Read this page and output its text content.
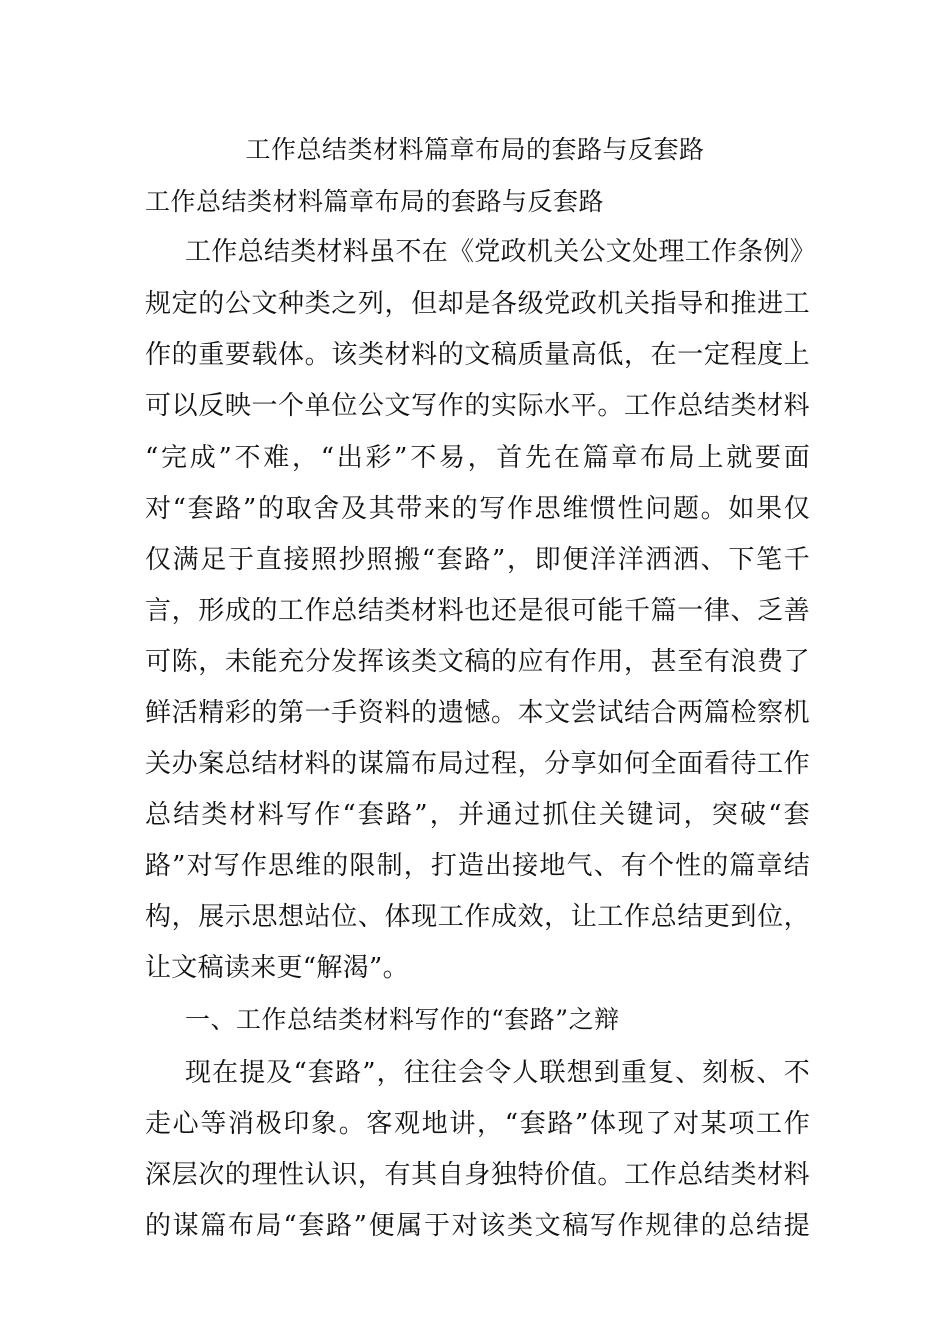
工作总结类材料篇章布局的套路与反套路
工作总结类材料篇章布局的套路与反套路
工作总结类材料虽不在《党政机关公文处理工作条例》
规定的公文种类之列，但却是各级党政机关指导和推进工
作的重要载体。该类材料的文稿质量高低，在一定程度上
可以反映一个单位公文写作的实际水平。工作总结类材料
“完成”不难，“出彩”不易，首先在篇章布局上就要面
对“套路”的取舍及其带来的写作思维惯性问题。如果仅
仅满足于直接照抄照搬“套路”，即便洋洋洒洒、下笔千
言，形成的工作总结类材料也还是很可能千篇一律、乏善
可陈，未能充分发挥该类文稿的应有作用，甚至有浪费了
鲜活精彩的第一手资料的遗憾。本文尝试结合两篇检察机
关办案总结材料的谋篇布局过程，分享如何全面看待工作
总结类材料写作“套路”，并通过抓住关键词，突破“套
路”对写作思维的限制，打造出接地气、有个性的篇章结
构，展示思想站位、体现工作成效，让工作总结更到位，
让文稿读来更“解渴”。
一、工作总结类材料写作的“套路”之辩
现在提及“套路”，往往会令人联想到重复、刻板、不
走心等消极印象。客观地讲，“套路”体现了对某项工作
深层次的理性认识，有其自身独特价值。工作总结类材料
的谋篇布局“套路”便属于对该类文稿写作规律的总结提
